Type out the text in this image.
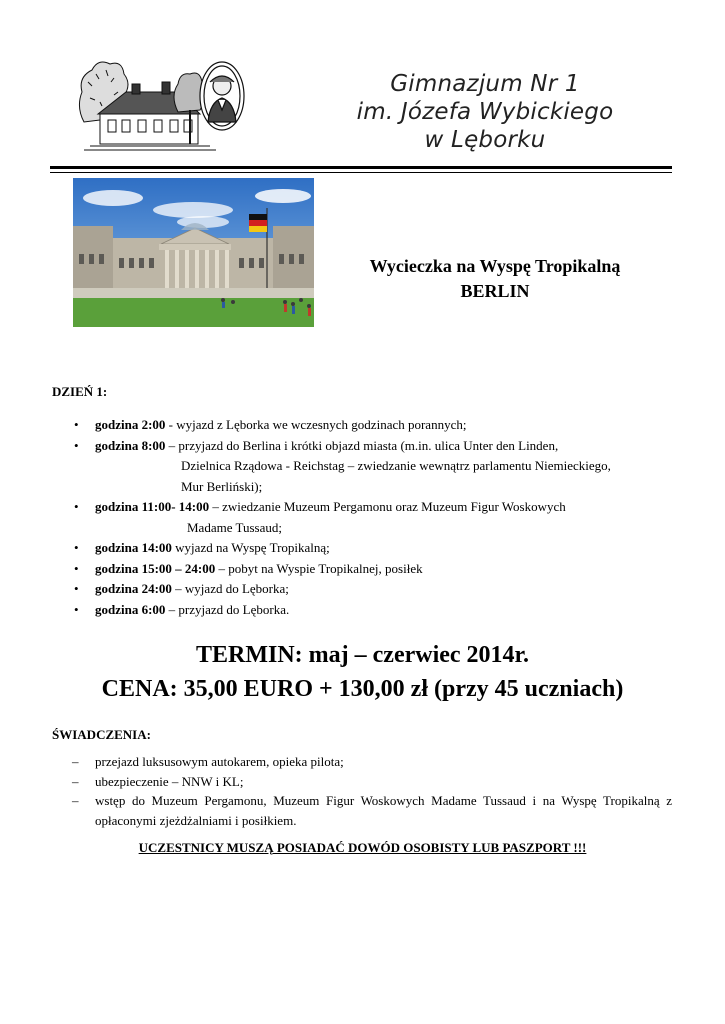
Gimnazjum Nr 1
im. Józefa Wybickiego
w Lęborku
Wycieczka na Wyspę Tropikalną
BERLIN
DZIEŃ 1:
• godzina 2:00 - wyjazd z Lęborka we wczesnych godzinach porannych;
• godzina 8:00 – przyjazd do Berlina i krótki objazd miasta (m.in. ulica Unter den Linden,
Dzielnica Rządowa - Reichstag – zwiedzanie wewnątrz parlamentu Niemieckiego,
Mur Berliński);
• godzina 11:00- 14:00 – zwiedzanie Muzeum Pergamonu oraz Muzeum Figur Woskowych
Madame Tussaud;
• godzina 14:00 wyjazd na Wyspę Tropikalną;
• godzina 15:00 – 24:00 – pobyt na Wyspie Tropikalnej, posiłek
• godzina 24:00 – wyjazd do Lęborka;
• godzina 6:00 – przyjazd do Lęborka.
TERMIN: maj – czerwiec 2014r.
CENA: 35,00 EURO + 130,00 zł (przy 45 uczniach)
ŚWIADCZENIA:
– przejazd luksusowym autokarem, opieka pilota;
– ubezpieczenie – NNW i KL;
– wstęp do Muzeum Pergamonu, Muzeum Figur Woskowych Madame Tussaud i na Wyspę Tropikalną z opłaconymi zjeżdżalniami i posiłkiem.
UCZESTNICY MUSZĄ POSIADAĆ DOWÓD OSOBISTY LUB PASZPORT !!!
